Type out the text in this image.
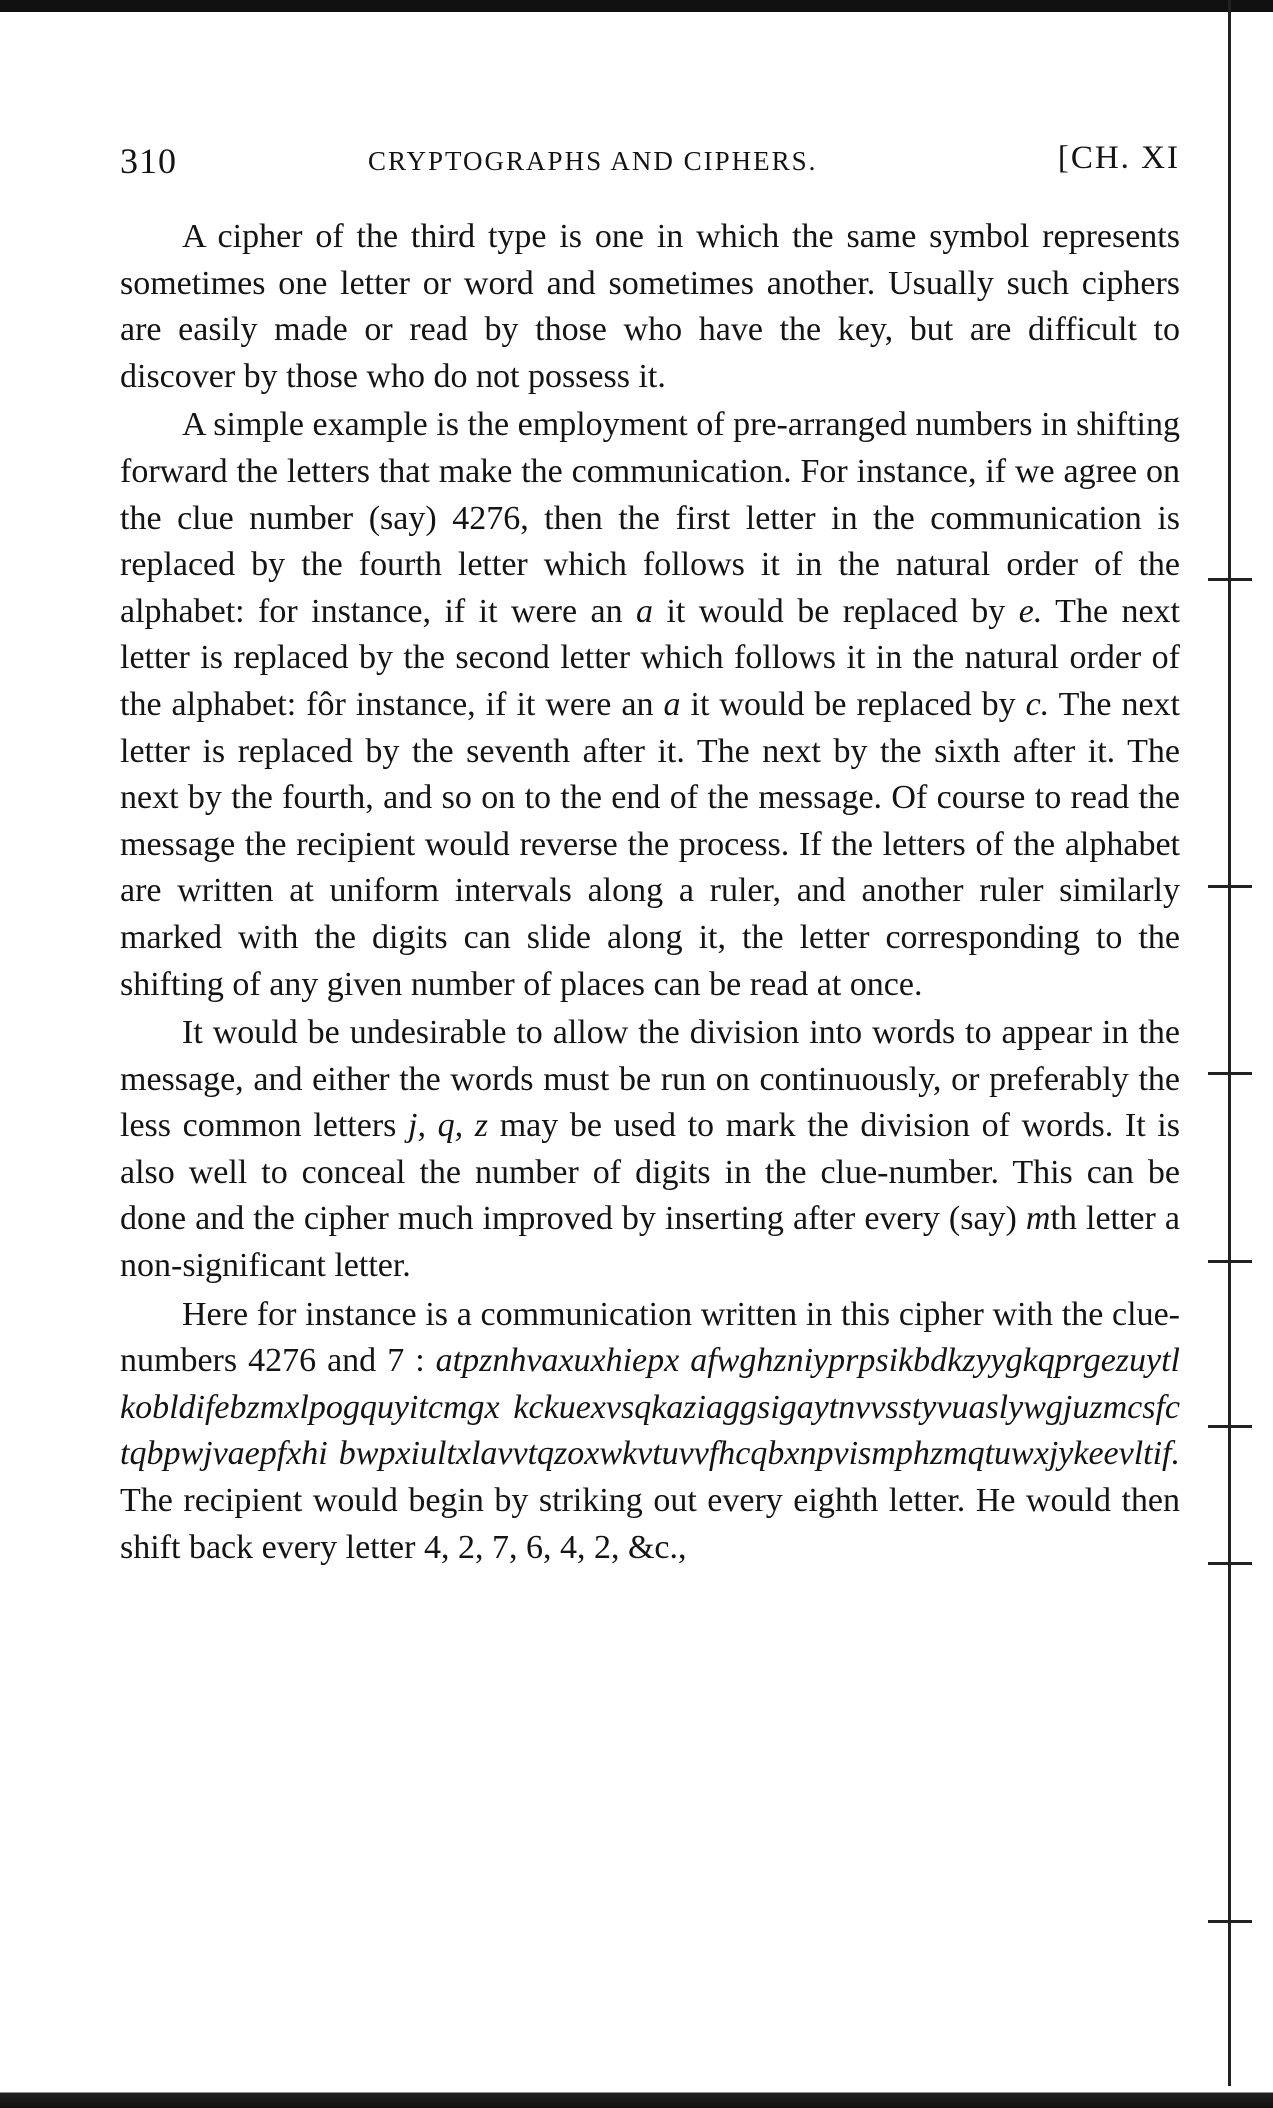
310	CRYPTOGRAPHS AND CIPHERS.	[CH. XI

A cipher of the third type is one in which the same symbol represents sometimes one letter or word and sometimes another. Usually such ciphers are easily made or read by those who have the key, but are difficult to discover by those who do not possess it.

A simple example is the employment of pre-arranged numbers in shifting forward the letters that make the communication. For instance, if we agree on the clue number (say) 4276, then the first letter in the communication is replaced by the fourth letter which follows it in the natural order of the alphabet: for instance, if it were an a it would be replaced by e. The next letter is replaced by the second letter which follows it in the natural order of the alphabet: fôr instance, if it were an a it would be replaced by c. The next letter is replaced by the seventh after it. The next by the sixth after it. The next by the fourth, and so on to the end of the message. Of course to read the message the recipient would reverse the process. If the letters of the alphabet are written at uniform intervals along a ruler, and another ruler similarly marked with the digits can slide along it, the letter corresponding to the shifting of any given number of places can be read at once.

It would be undesirable to allow the division into words to appear in the message, and either the words must be run on continuously, or preferably the less common letters j, q, z may be used to mark the division of words. It is also well to conceal the number of digits in the clue-number. This can be done and the cipher much improved by inserting after every (say) mth letter a non-significant letter.

Here for instance is a communication written in this cipher with the clue-numbers 4276 and 7 : atpznhvaxuxhiepx afwghzniyprpsikbdkzyygkqprgezuytlkobldifebzmxlpogquyitcmgx kckuexvsqkaziaggsigaytnvvsstyvuaslywgjuzmcsfctqbpwjvaepfxhi bwpxiultxlavvtqzoxwkvtuvvfhcqbxnpvismphzmqtuwxjykeevltif. The recipient would begin by striking out every eighth letter. He would then shift back every letter 4, 2, 7, 6, 4, 2, &c.,
